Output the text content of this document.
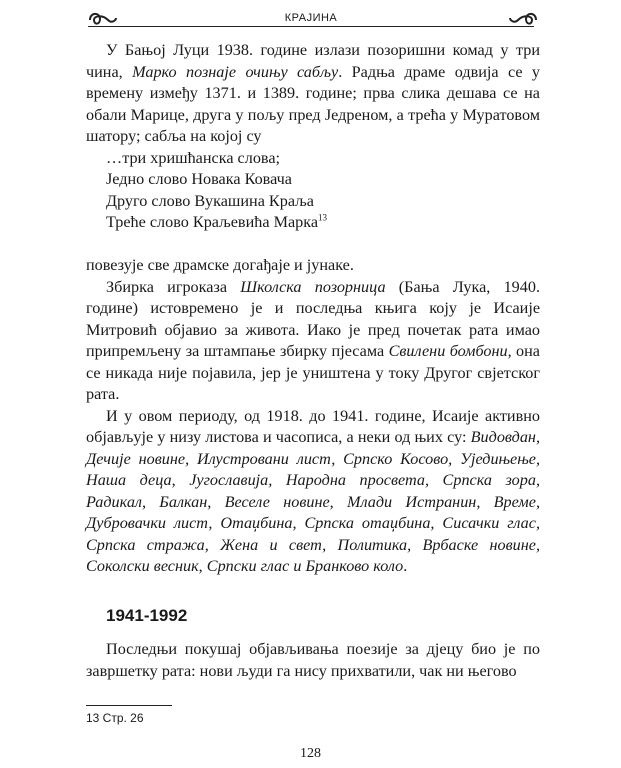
КРАЈИНА

У Бањој Луци 1938. године излази позоришни комад у три чина, Марко познаје очињу сабљу. Радња драме одвија се у времену између 1371. и 1389. године; прва слика дешава се на обали Марице, друга у пољу пред Једреном, а трећа у Муратовом шатору; сабља на којој су

…три хришћанска слова;
Једно слово Новака Ковача
Друго слово Вукашина Краља
Треће слово Краљевића Марка$^{13}$

повезује све драмске догађаје и јунаке.

Збирка игроказа Школска позорница (Бања Лука, 1940. године) истовремено је и последња књига коју је Исаије Митровић објавио за живота. Иако је пред почетак рата имао припремљену за штампање збирку пјесама Свилени бомбони, она се никада није појавила, јер је уништена у току Другог свјетског рата.

И у овом периоду, од 1918. до 1941. године, Исаије активно објављује у низу листова и часописа, а неки од њих су: Видовдан, Дечије новине, Илустровани лист, Српско Косово, Уједињење, Наша деца, Југославија, Народна просвета, Српска зора, Радикал, Балкан, Веселе новине, Млади Истранин, Време, Дубровачки лист, Отаџбина, Српска отаџбина, Сисачки глас, Српска стража, Жена и свет, Политика, Врбаске новине, Соколски весник, Српски глас и Бранково коло.

1941-1992

Последњи покушај објављивања поезије за дјецу био је по завршетку рата: нови људи га нису прихватили, чак ни његово

13 Стр. 26
128
